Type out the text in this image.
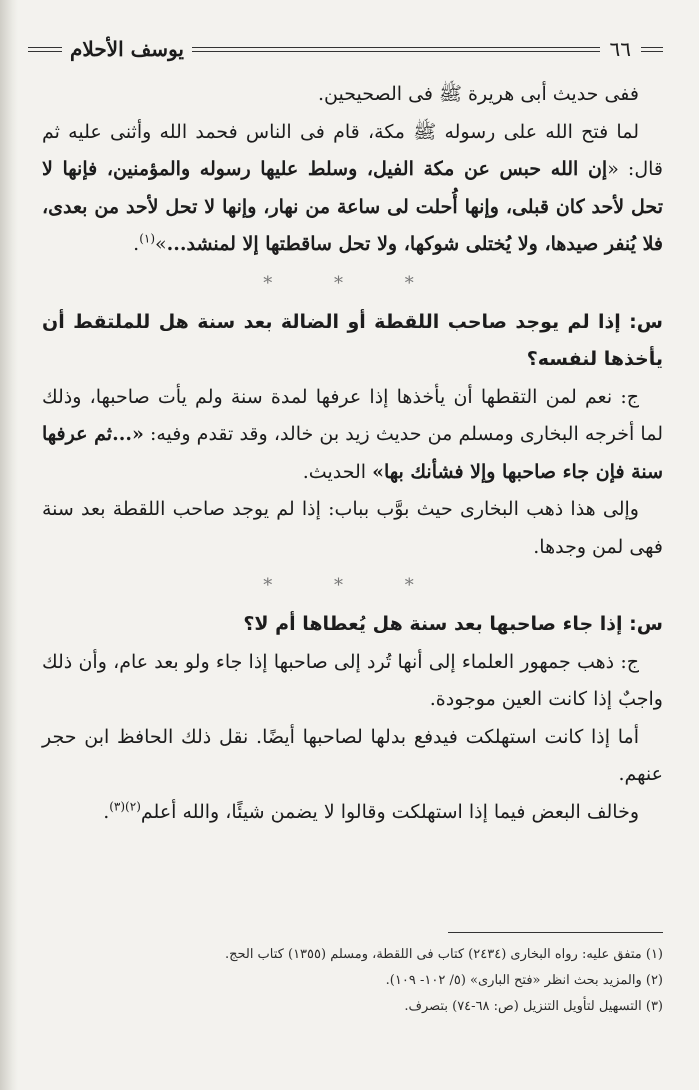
يوسف الأحلام	٦٦

ففى حديث أبى هريرة ﷺ فى الصحيحين.

لما فتح الله على رسوله ﷺ مكة، قام فى الناس فحمد الله وأثنى عليه ثم قال: «إن الله حبس عن مكة الفيل، وسلط عليها رسوله والمؤمنين، فإنها لا تحل لأحد كان قبلى، وإنها أُحلت لى ساعة من نهار، وإنها لا تحل لأحد من بعدى، فلا يُنفر صيدها، ولا يُختلى شوكها، ولا تحل ساقطتها إلا لمنشد...»$^{(١)}$.

* * *

س: إذا لم يوجد صاحب اللقطة أو الضالة بعد سنة هل للملتقط أن يأخذها لنفسه؟

ج: نعم لمن التقطها أن يأخذها إذا عرفها لمدة سنة ولم يأت صاحبها، وذلك لما أخرجه البخارى ومسلم من حديث زيد بن خالد، وقد تقدم وفيه: «...ثم عرفها سنة فإن جاء صاحبها وإلا فشأنك بها» الحديث.

وإلى هذا ذهب البخارى حيث بوَّب بباب: إذا لم يوجد صاحب اللقطة بعد سنة فهى لمن وجدها.

* * *

س: إذا جاء صاحبها بعد سنة هل يُعطاها أم لا؟

ج: ذهب جمهور العلماء إلى أنها تُرد إلى صاحبها إذا جاء ولو بعد عام، وأن ذلك واجبٌ إذا كانت العين موجودة.

أما إذا كانت استهلكت فيدفع بدلها لصاحبها أيضًا. نقل ذلك الحافظ ابن حجر عنهم.

وخالف البعض فيما إذا استهلكت وقالوا لا يضمن شيئًا، والله أعلم$^{(٢)(٣)}$.

(١) متفق عليه: رواه البخارى (٢٤٣٤) كتاب فى اللقطة، ومسلم (١٣٥٥) كتاب الحج.

(٢) والمزيد بحث انظر «فتح البارى» (٥/ ١٠٢- ١٠٩).

(٣) التسهيل لتأويل التنزيل (ص: ٦٨-٧٤) بتصرف.
